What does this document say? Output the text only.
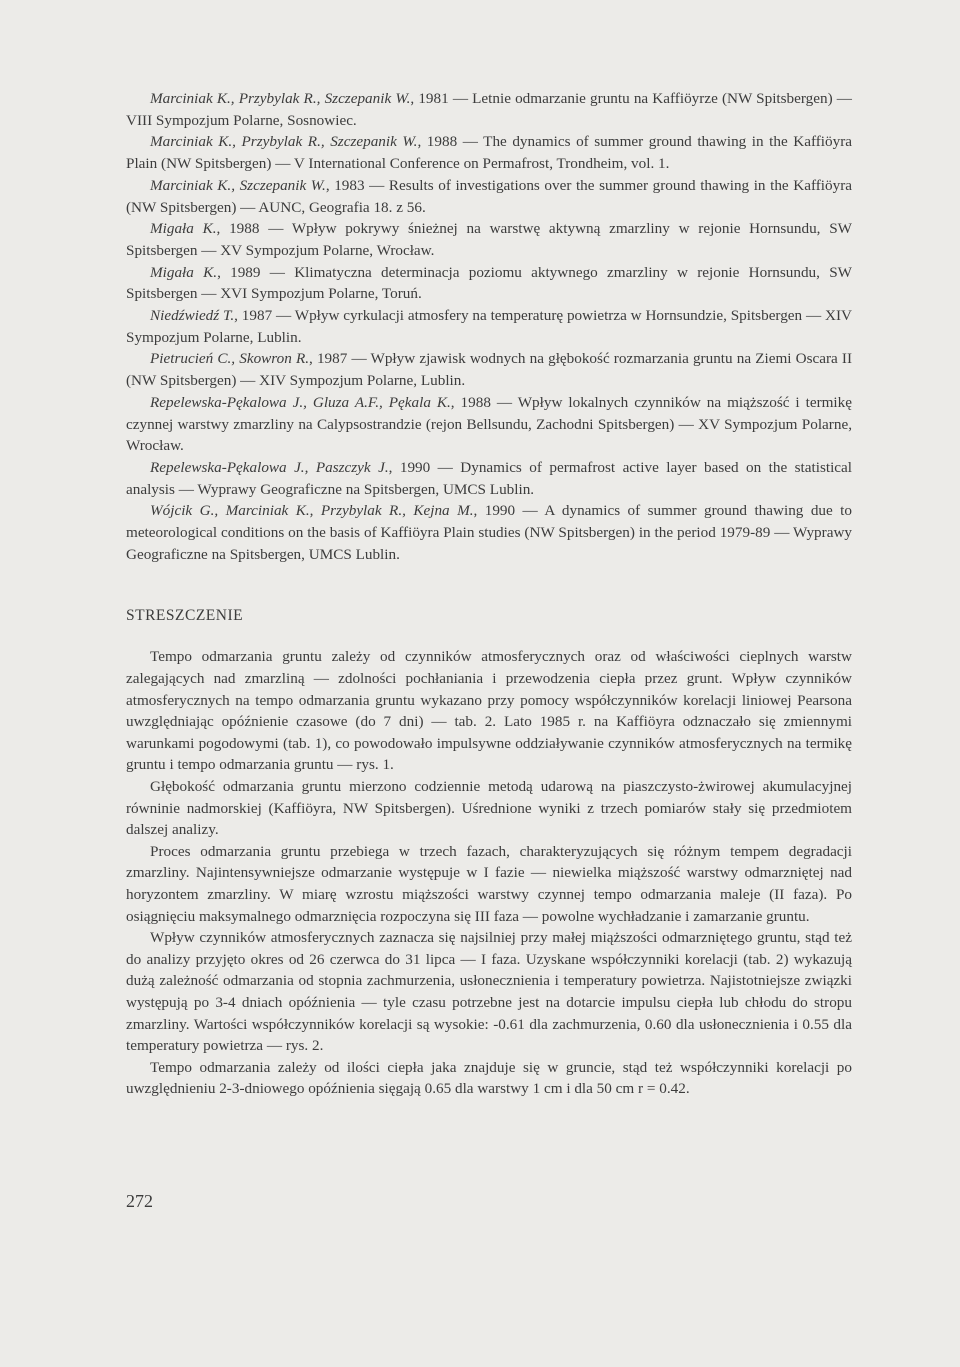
Marciniak K., Przybylak R., Szczepanik W., 1981 — Letnie odmarzanie gruntu na Kaffiöyrze (NW Spitsbergen) — VIII Sympozjum Polarne, Sosnowiec.

Marciniak K., Przybylak R., Szczepanik W., 1988 — The dynamics of summer ground thawing in the Kaffiöyra Plain (NW Spitsbergen) — V International Conference on Permafrost, Trondheim, vol. 1.

Marciniak K., Szczepanik W., 1983 — Results of investigations over the summer ground thawing in the Kaffiöyra (NW Spitsbergen) — AUNC, Geografia 18. z 56.

Migała K., 1988 — Wpływ pokrywy śnieżnej na warstwę aktywną zmarzliny w rejonie Hornsundu, SW Spitsbergen — XV Sympozjum Polarne, Wrocław.

Migała K., 1989 — Klimatyczna determinacja poziomu aktywnego zmarzliny w rejonie Hornsundu, SW Spitsbergen — XVI Sympozjum Polarne, Toruń.

Niedźwiedź T., 1987 — Wpływ cyrkulacji atmosfery na temperaturę powietrza w Hornsundzie, Spitsbergen — XIV Sympozjum Polarne, Lublin.

Pietrucień C., Skowron R., 1987 — Wpływ zjawisk wodnych na głębokość rozmarzania gruntu na Ziemi Oscara II (NW Spitsbergen) — XIV Sympozjum Polarne, Lublin.

Repelewska-Pękalowa J., Gluza A.F., Pękala K., 1988 — Wpływ lokalnych czynników na miąższość i termikę czynnej warstwy zmarzliny na Calypsostrandzie (rejon Bellsundu, Zachodni Spitsbergen) — XV Sympozjum Polarne, Wrocław.

Repelewska-Pękalowa J., Paszczyk J., 1990 — Dynamics of permafrost active layer based on the statistical analysis — Wyprawy Geograficzne na Spitsbergen, UMCS Lublin.

Wójcik G., Marciniak K., Przybylak R., Kejna M., 1990 — A dynamics of summer ground thawing due to meteorological conditions on the basis of Kaffiöyra Plain studies (NW Spitsbergen) in the period 1979-89 — Wyprawy Geograficzne na Spitsbergen, UMCS Lublin.

STRESZCZENIE

Tempo odmarzania gruntu zależy od czynników atmosferycznych oraz od właściwości cieplnych warstw zalegających nad zmarzliną — zdolności pochłaniania i przewodzenia ciepła przez grunt. Wpływ czynników atmosferycznych na tempo odmarzania gruntu wykazano przy pomocy współczynników korelacji liniowej Pearsona uwzględniając opóźnienie czasowe (do 7 dni) — tab. 2. Lato 1985 r. na Kaffiöyra odznaczało się zmiennymi warunkami pogodowymi (tab. 1), co powodowało impulsywne oddziaływanie czynników atmosferycznych na termikę gruntu i tempo odmarzania gruntu — rys. 1.

Głębokość odmarzania gruntu mierzono codziennie metodą udarową na piaszczysto-żwirowej akumulacyjnej równinie nadmorskiej (Kaffiöyra, NW Spitsbergen). Uśrednione wyniki z trzech pomiarów stały się przedmiotem dalszej analizy.

Proces odmarzania gruntu przebiega w trzech fazach, charakteryzujących się różnym tempem degradacji zmarzliny. Najintensywniejsze odmarzanie występuje w I fazie — niewielka miąższość warstwy odmarzniętej nad horyzontem zmarzliny. W miarę wzrostu miąższości warstwy czynnej tempo odmarzania maleje (II faza). Po osiągnięciu maksymalnego odmarznięcia rozpoczyna się III faza — powolne wychładzanie i zamarzanie gruntu.

Wpływ czynników atmosferycznych zaznacza się najsilniej przy małej miąższości odmarzniętego gruntu, stąd też do analizy przyjęto okres od 26 czerwca do 31 lipca — I faza. Uzyskane współczynniki korelacji (tab. 2) wykazują dużą zależność odmarzania od stopnia zachmurzenia, usłonecznienia i temperatury powietrza. Najistotniejsze związki występują po 3-4 dniach opóźnienia — tyle czasu potrzebne jest na dotarcie impulsu ciepła lub chłodu do stropu zmarzliny. Wartości współczynników korelacji są wysokie: -0.61 dla zachmurzenia, 0.60 dla usłonecznienia i 0.55 dla temperatury powietrza — rys. 2.

Tempo odmarzania zależy od ilości ciepła jaka znajduje się w gruncie, stąd też współczynniki korelacji po uwzględnieniu 2-3-dniowego opóźnienia sięgają 0.65 dla warstwy 1 cm i dla 50 cm r = 0.42.

272
